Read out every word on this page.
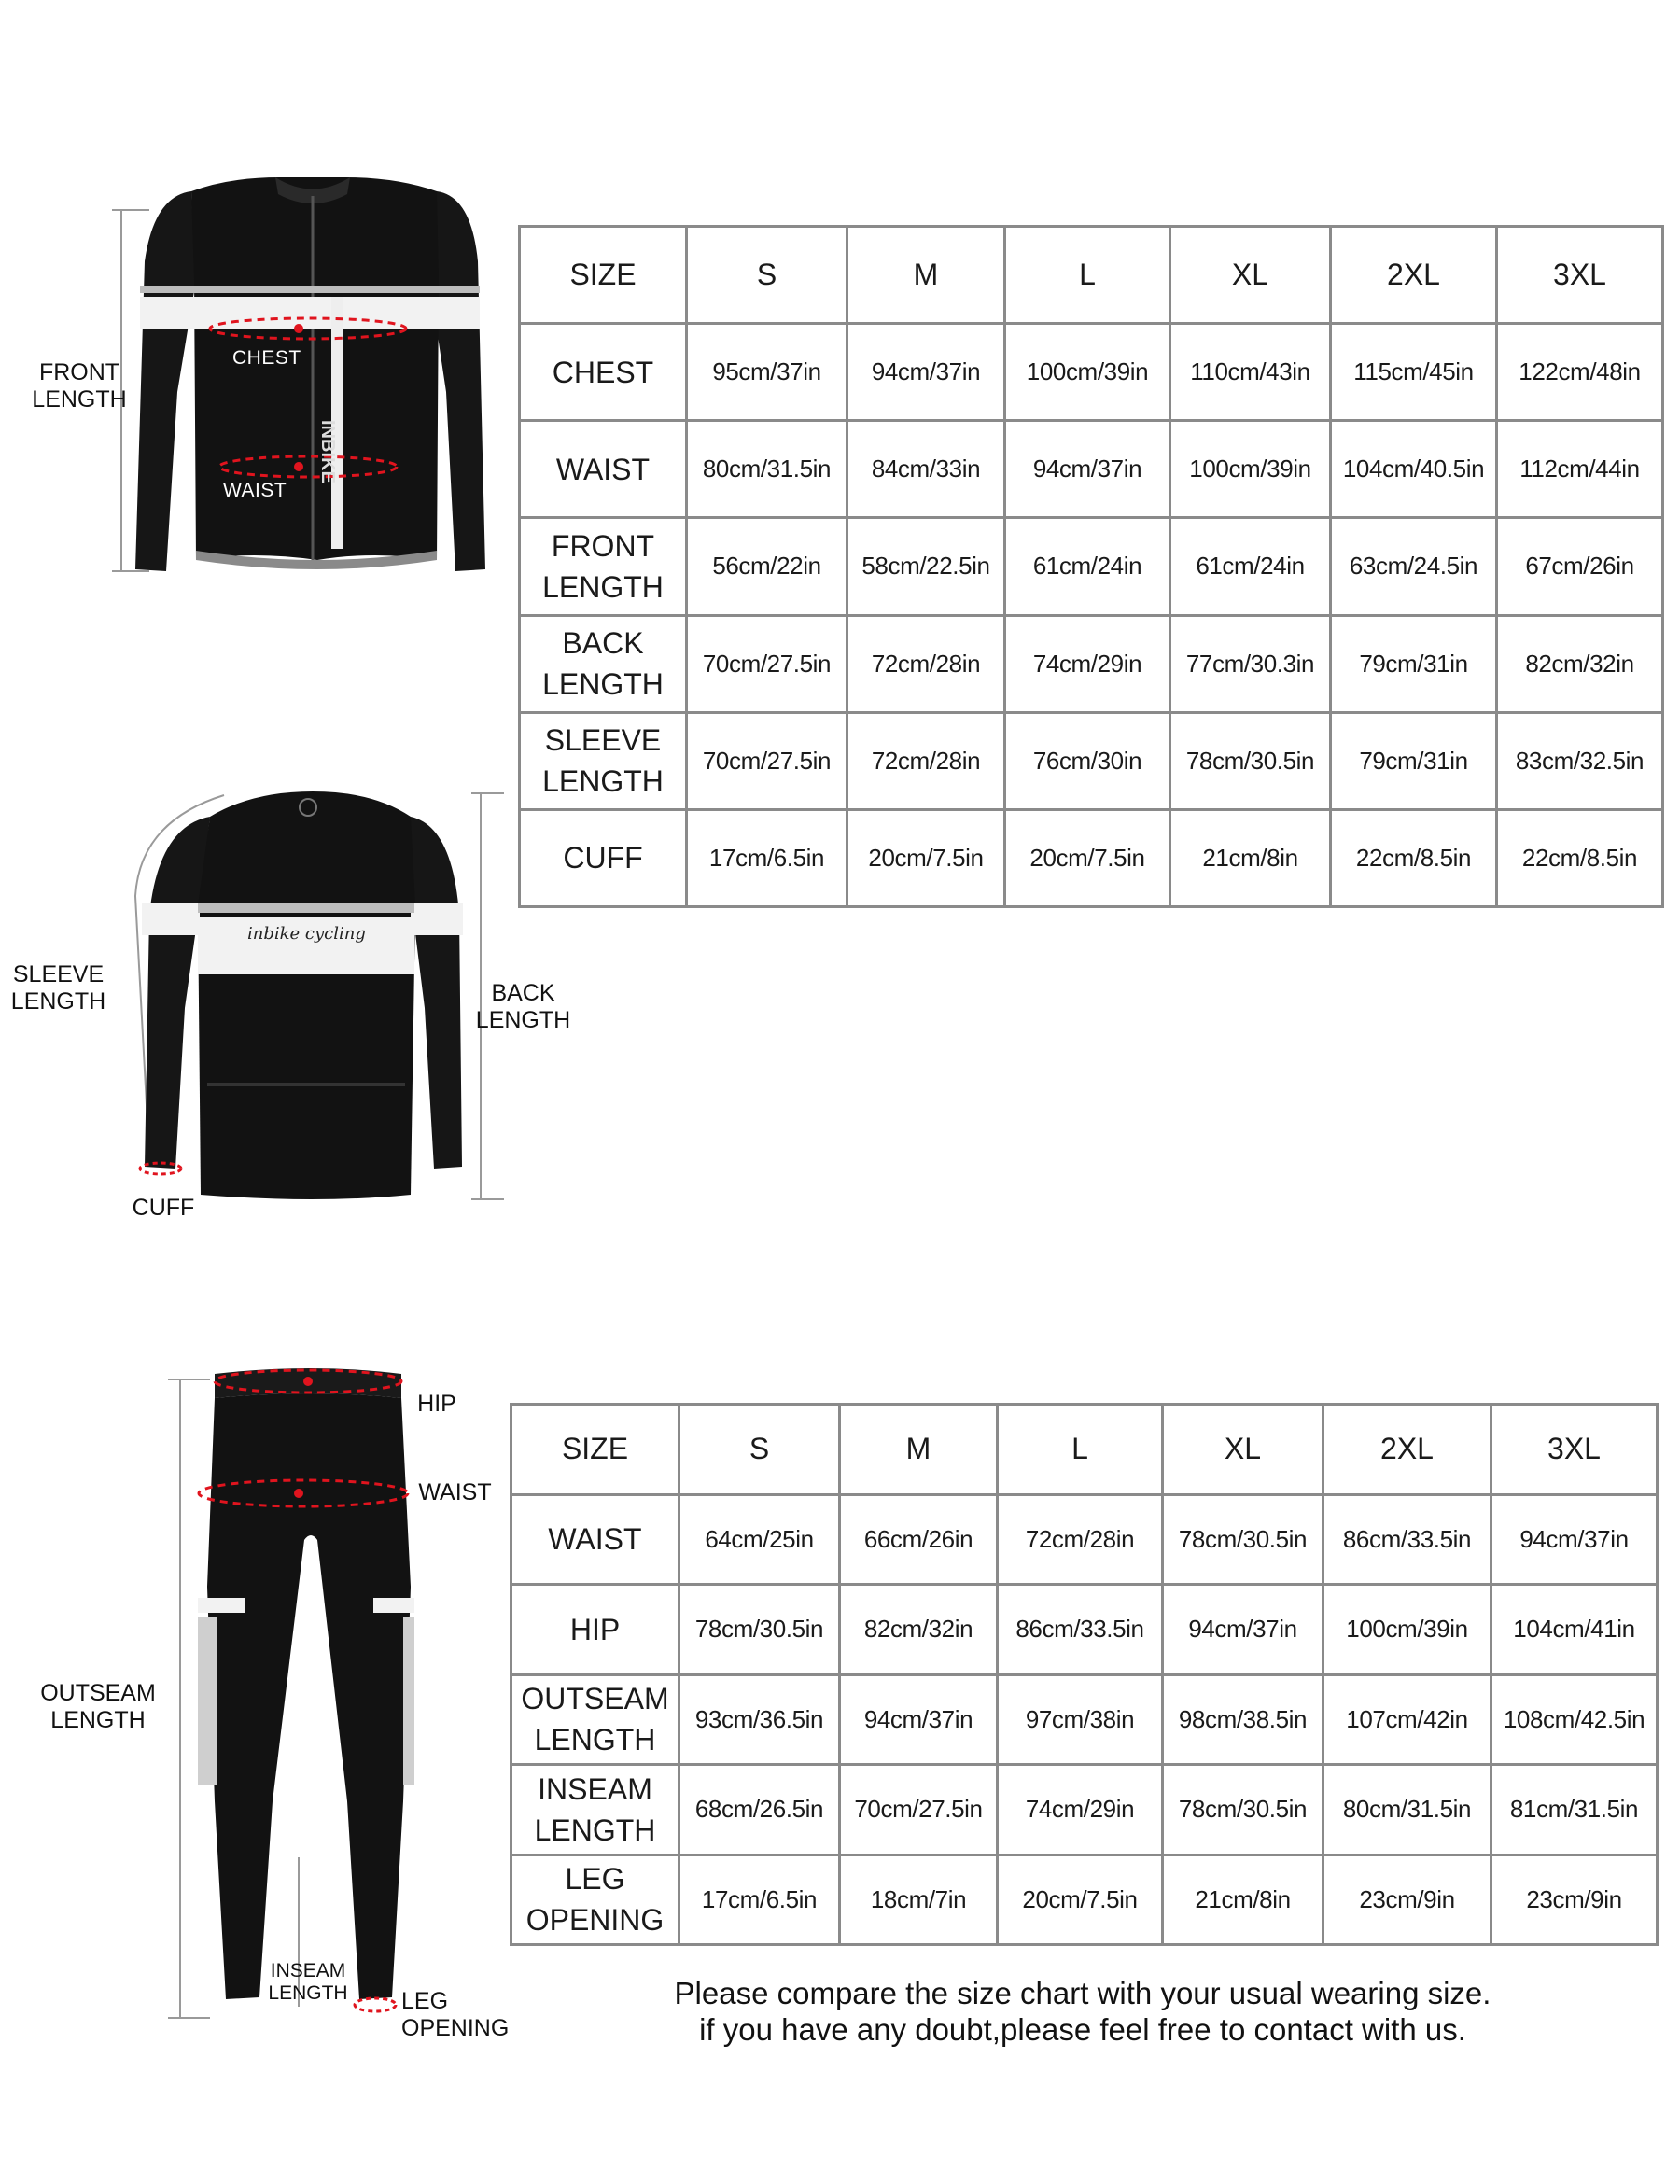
CHEST
WAIST
INBIKE
FRONT
LENGTH
inbike cycling
SLEEVE
LENGTH	BACK
LENGTH
CUFF
SIZE	S	M	L	XL	2XL	3XL

CHEST	95cm/37in	94cm/37in	100cm/39in	110cm/43in	115cm/45in	122cm/48in

WAIST	80cm/31.5in	84cm/33in	94cm/37in	100cm/39in	104cm/40.5in	112cm/44in

FRONT
LENGTH	56cm/22in	58cm/22.5in	61cm/24in	61cm/24in	63cm/24.5in	67cm/26in

BACK
LENGTH	70cm/27.5in	72cm/28in	74cm/29in	77cm/30.3in	79cm/31in	82cm/32in

SLEEVE
LENGTH	70cm/27.5in	72cm/28in	76cm/30in	78cm/30.5in	79cm/31in	83cm/32.5in

CUFF	17cm/6.5in	20cm/7.5in	20cm/7.5in	21cm/8in	22cm/8.5in	22cm/8.5in
HIP
WAIST
OUTSEAM
LENGTH
INSEAM
LENGTH LEG
OPENING
SIZE	S	M	L	XL	2XL	3XL

WAIST	64cm/25in	66cm/26in	72cm/28in	78cm/30.5in	86cm/33.5in	94cm/37in

HIP	78cm/30.5in	82cm/32in	86cm/33.5in	94cm/37in	100cm/39in	104cm/41in

OUTSEAM
LENGTH	93cm/36.5in	94cm/37in	97cm/38in	98cm/38.5in	107cm/42in	108cm/42.5in

INSEAM
LENGTH	68cm/26.5in	70cm/27.5in	74cm/29in	78cm/30.5in	80cm/31.5in	81cm/31.5in

LEG
OPENING	17cm/6.5in	18cm/7in	20cm/7.5in	21cm/8in	23cm/9in	23cm/9in
Please compare the size chart with your usual wearing size.
if you have any doubt,please feel free to contact with us.
